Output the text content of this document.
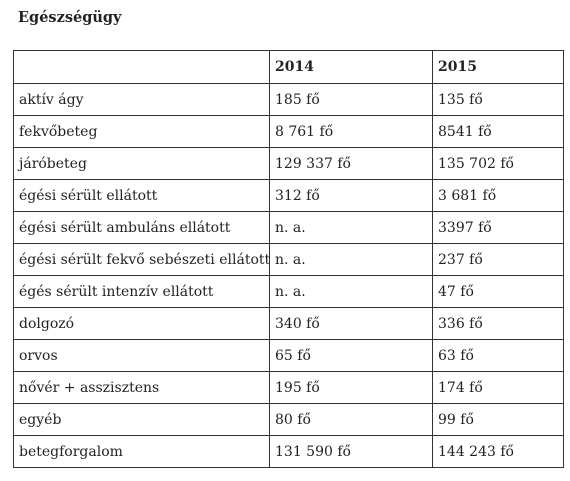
Egészségügy
	2014	2015
aktív ágy	185 fő	135 fő
fekvőbeteg	8 761 fő	8541 fő
járóbeteg	129 337 fő	135 702 fő
égési sérült ellátott	312 fő	3 681 fő
égési sérült ambuláns ellátott	n. a.	3397 fő
égési sérült fekvő sebészeti ellátott	n. a.	237 fő
égés sérült intenzív ellátott	n. a.	47 fő
dolgozó	340 fő	336 fő
orvos	65 fő	63 fő
nővér + asszisztens	195 fő	174 fő
egyéb	80 fő	99 fő
betegforgalom	131 590 fő	144 243 fő
